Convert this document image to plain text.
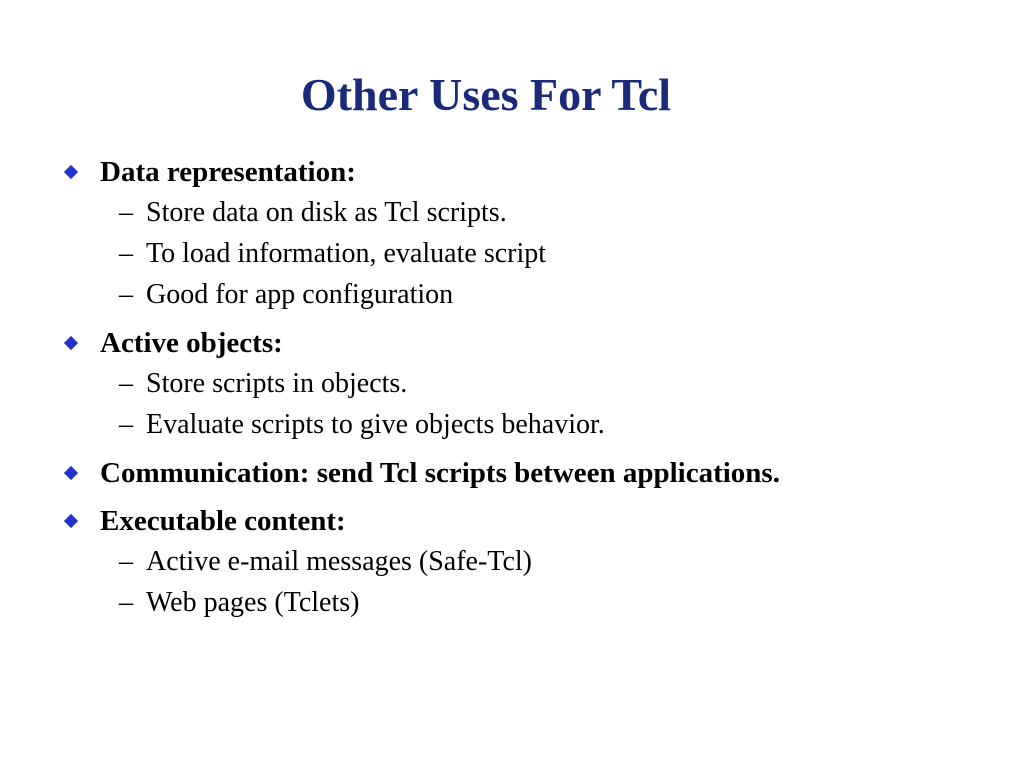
Other Uses For Tcl
Data representation:
– Store data on disk as Tcl scripts.
– To load information, evaluate script
– Good for app configuration
Active objects:
– Store scripts in objects.
– Evaluate scripts to give objects behavior.
Communication: send Tcl scripts between applications.
Executable content:
– Active e-mail messages (Safe-Tcl)
– Web pages (Tclets)
